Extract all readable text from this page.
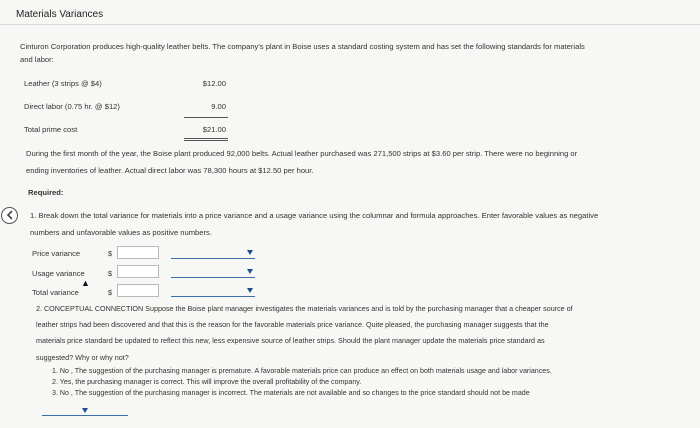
Materials Variances
Cinturon Corporation produces high-quality leather belts. The company's plant in Boise uses a standard costing system and has set the following standards for materials
and labor:
Leather (3 strips @ $4)	$12.00
Direct labor (0.75 hr. @ $12)	9.00
Total prime cost	$21.00
During the first month of the year, the Boise plant produced 92,000 belts. Actual leather purchased was 271,500 strips at $3.60 per strip. There were no beginning or
ending inventories of leather. Actual direct labor was 78,300 hours at $12.50 per hour.
Required:
1. Break down the total variance for materials into a price variance and a usage variance using the columnar and formula approaches. Enter favorable values as negative
numbers and unfavorable values as positive numbers.
Price variance	$
Usage variance	$
▲
Total variance	$
2. CONCEPTUAL CONNECTION Suppose the Boise plant manager investigates the materials variances and is told by the purchasing manager that a cheaper source of
leather strips had been discovered and that this is the reason for the favorable materials price variance. Quite pleased, the purchasing manager suggests that the
materials price standard be updated to reflect this new, less expensive source of leather strips. Should the plant manager update the materials price standard as
suggested? Why or why not?
1. No , The suggestion of the purchasing manager is premature. A favorable materials price can produce an effect on both materials usage and labor variances.
2. Yes, the purchasing manager is correct. This will improve the overall profitability of the company.
3. No , The suggestion of the purchasing manager is incorrect. The materials are not available and so changes to the price standard should not be made
